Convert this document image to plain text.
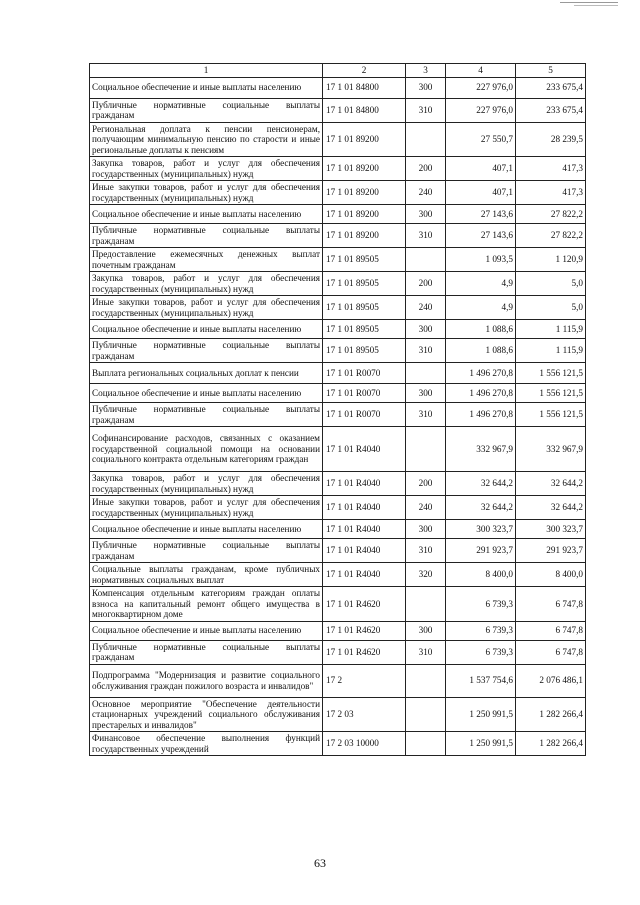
1	2	3	4	5
Социальное обеспечение и иные выплаты населению	17 1 01 84800	300	227 976,0	233 675,4
Публичные нормативные социальные выплаты гражданам	17 1 01 84800	310	227 976,0	233 675,4
Региональная доплата к пенсии пенсионерам, получающим минимальную пенсию по старости и иные региональные доплаты к пенсиям	17 1 01 89200		27 550,7	28 239,5
Закупка товаров, работ и услуг для обеспечения государственных (муниципальных) нужд	17 1 01 89200	200	407,1	417,3
Иные закупки товаров, работ и услуг для обеспечения государственных (муниципальных) нужд	17 1 01 89200	240	407,1	417,3
Социальное обеспечение и иные выплаты населению	17 1 01 89200	300	27 143,6	27 822,2
Публичные нормативные социальные выплаты гражданам	17 1 01 89200	310	27 143,6	27 822,2
Предоставление ежемесячных денежных выплат почетным гражданам	17 1 01 89505		1 093,5	1 120,9
Закупка товаров, работ и услуг для обеспечения государственных (муниципальных) нужд	17 1 01 89505	200	4,9	5,0
Иные закупки товаров, работ и услуг для обеспечения государственных (муниципальных) нужд	17 1 01 89505	240	4,9	5,0
Социальное обеспечение и иные выплаты населению	17 1 01 89505	300	1 088,6	1 115,9
Публичные нормативные социальные выплаты гражданам	17 1 01 89505	310	1 088,6	1 115,9
Выплата региональных социальных доплат к пенсии	17 1 01 R0070		1 496 270,8	1 556 121,5
Социальное обеспечение и иные выплаты населению	17 1 01 R0070	300	1 496 270,8	1 556 121,5
Публичные нормативные социальные выплаты гражданам	17 1 01 R0070	310	1 496 270,8	1 556 121,5
Софинансирование расходов, связанных с оказанием государственной социальной помощи на основании социального контракта отдельным категориям граждан	17 1 01 R4040		332 967,9	332 967,9
Закупка товаров, работ и услуг для обеспечения государственных (муниципальных) нужд	17 1 01 R4040	200	32 644,2	32 644,2
Иные закупки товаров, работ и услуг для обеспечения государственных (муниципальных) нужд	17 1 01 R4040	240	32 644,2	32 644,2
Социальное обеспечение и иные выплаты населению	17 1 01 R4040	300	300 323,7	300 323,7
Публичные нормативные социальные выплаты гражданам	17 1 01 R4040	310	291 923,7	291 923,7
Социальные выплаты гражданам, кроме публичных нормативных социальных выплат	17 1 01 R4040	320	8 400,0	8 400,0
Компенсация отдельным категориям граждан оплаты взноса на капитальный ремонт общего имущества в многоквартирном доме	17 1 01 R4620		6 739,3	6 747,8
Социальное обеспечение и иные выплаты населению	17 1 01 R4620	300	6 739,3	6 747,8
Публичные нормативные социальные выплаты гражданам	17 1 01 R4620	310	6 739,3	6 747,8
Подпрограмма "Модернизация и развитие социального обслуживания граждан пожилого возраста и инвалидов"	17 2		1 537 754,6	2 076 486,1
Основное мероприятие "Обеспечение деятельности стационарных учреждений социального обслуживания престарелых и инвалидов"	17 2 03		1 250 991,5	1 282 266,4
Финансовое обеспечение выполнения функций государственных учреждений	17 2 03 10000		1 250 991,5	1 282 266,4
63
